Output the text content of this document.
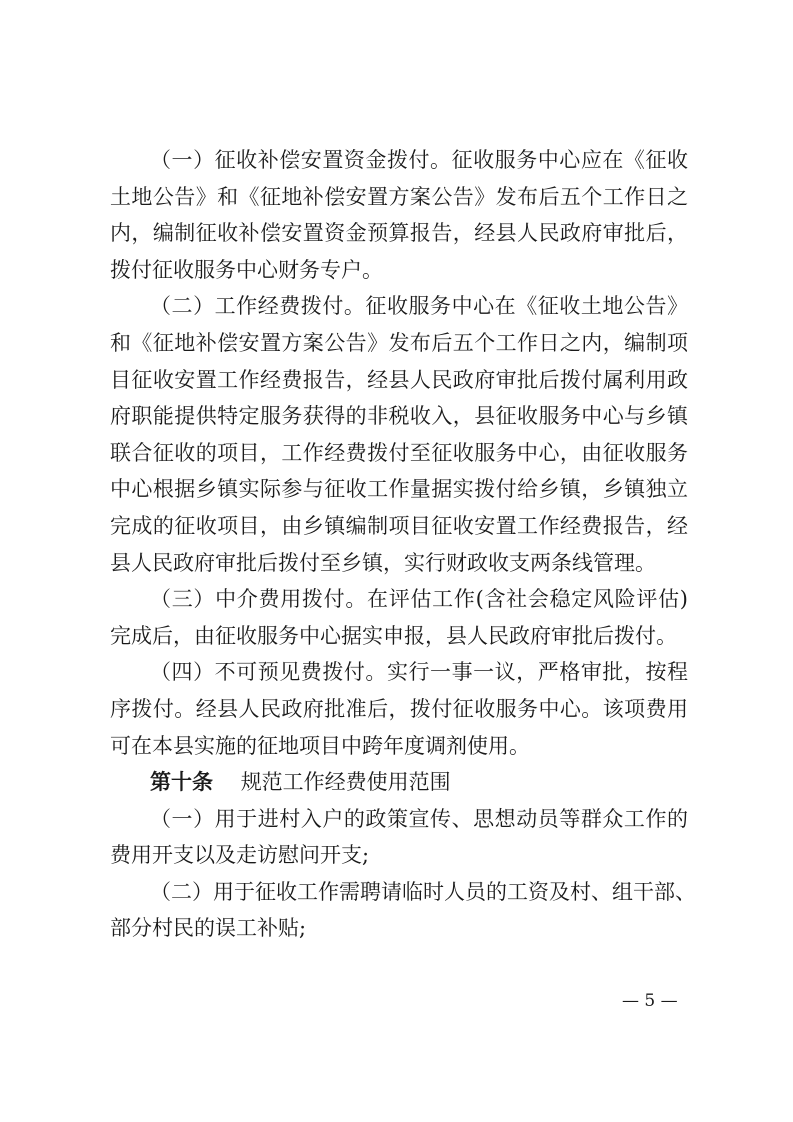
（一）征收补偿安置资金拨付。征收服务中心应在《征收
土地公告》和《征地补偿安置方案公告》发布后五个工作日之
内，编制征收补偿安置资金预算报告，经县人民政府审批后，
拨付征收服务中心财务专户。
（二）工作经费拨付。征收服务中心在《征收土地公告》
和《征地补偿安置方案公告》发布后五个工作日之内，编制项
目征收安置工作经费报告，经县人民政府审批后拨付属利用政
府职能提供特定服务获得的非税收入，县征收服务中心与乡镇
联合征收的项目，工作经费拨付至征收服务中心，由征收服务
中心根据乡镇实际参与征收工作量据实拨付给乡镇，乡镇独立
完成的征收项目，由乡镇编制项目征收安置工作经费报告，经
县人民政府审批后拨付至乡镇，实行财政收支两条线管理。
（三）中介费用拨付。在评估工作(含社会稳定风险评估)
完成后，由征收服务中心据实申报，县人民政府审批后拨付。
（四）不可预见费拨付。实行一事一议，严格审批，按程
序拨付。经县人民政府批准后，拨付征收服务中心。该项费用
可在本县实施的征地项目中跨年度调剂使用。
第十条 规范工作经费使用范围
（一）用于进村入户的政策宣传、思想动员等群众工作的
费用开支以及走访慰问开支;
（二）用于征收工作需聘请临时人员的工资及村、组干部、
部分村民的误工补贴;
— 5 —
